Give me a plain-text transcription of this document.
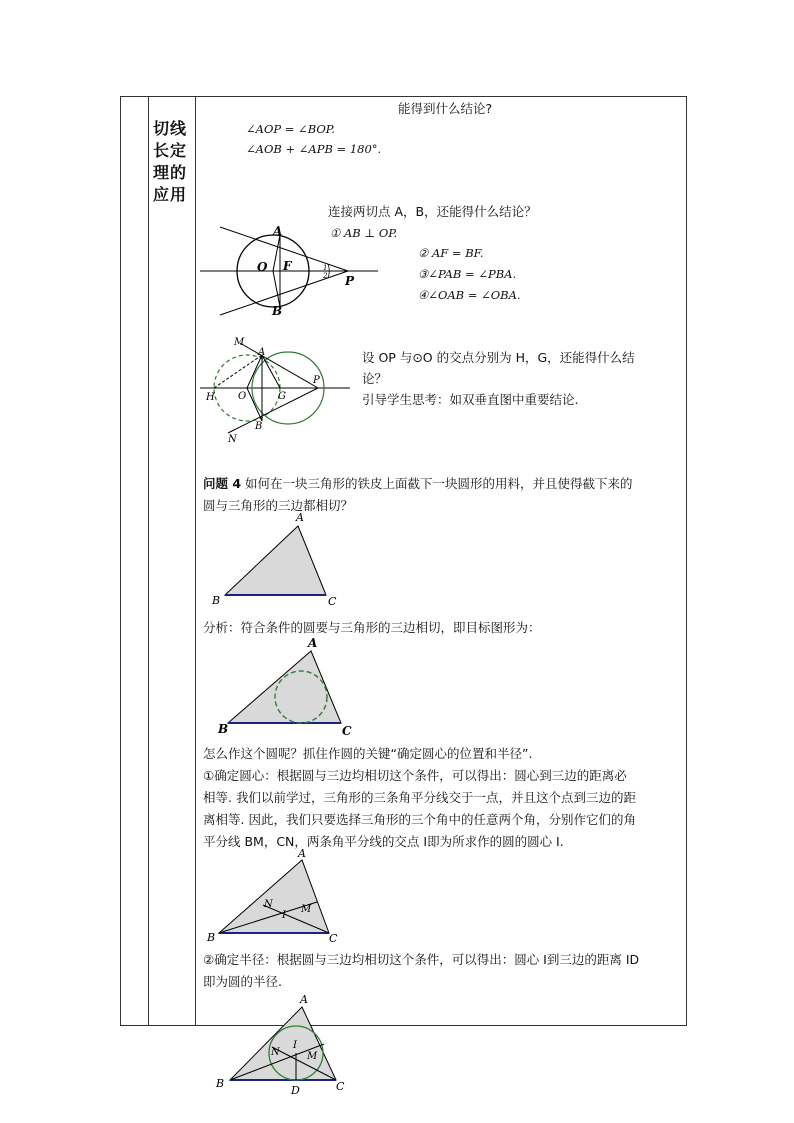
切线
长定
理的
应用
能得到什么结论?
∠AOP = ∠BOP.
∠AOB + ∠APB = 180°.
连接两切点 A，B，还能得什么结论？
① AB ⊥ OP.
② AF = BF.
③∠PAB = ∠PBA.
④∠OAB = ∠OBA.
A
O F
P
B
1
2
M
A
H O	G
P
B
N
设 OP 与⊙O 的交点分别为 H，G，还能得什么结
论？
引导学生思考：如双垂直图中重要结论.
问题 4 如何在一块三角形的铁皮上面截下一块圆形的用料，并且使得截下来的
圆与三角形的三边都相切？
A
B	C
分析：符合条件的圆要与三角形的三边相切，即目标图形为：
A
B	C
怎么作这个圆呢？抓住作圆的关键“确定圆心的位置和半径”.
①确定圆心：根据圆与三边均相切这个条件，可以得出：圆心到三边的距离必
相等. 我们以前学过，三角形的三条角平分线交于一点，并且这个点到三边的距
离相等. 因此，我们只要选择三角形的三个角中的任意两个角，分别作它们的角
平分线 BM，CN，两条角平分线的交点 I即为所求作的圆的圆心 I.
A
B	C
N
I
M
②确定半径：根据圆与三边均相切这个条件，可以得出：圆心 I到三边的距离 ID
即为圆的半径.
A
B	C
N
I
M
D
